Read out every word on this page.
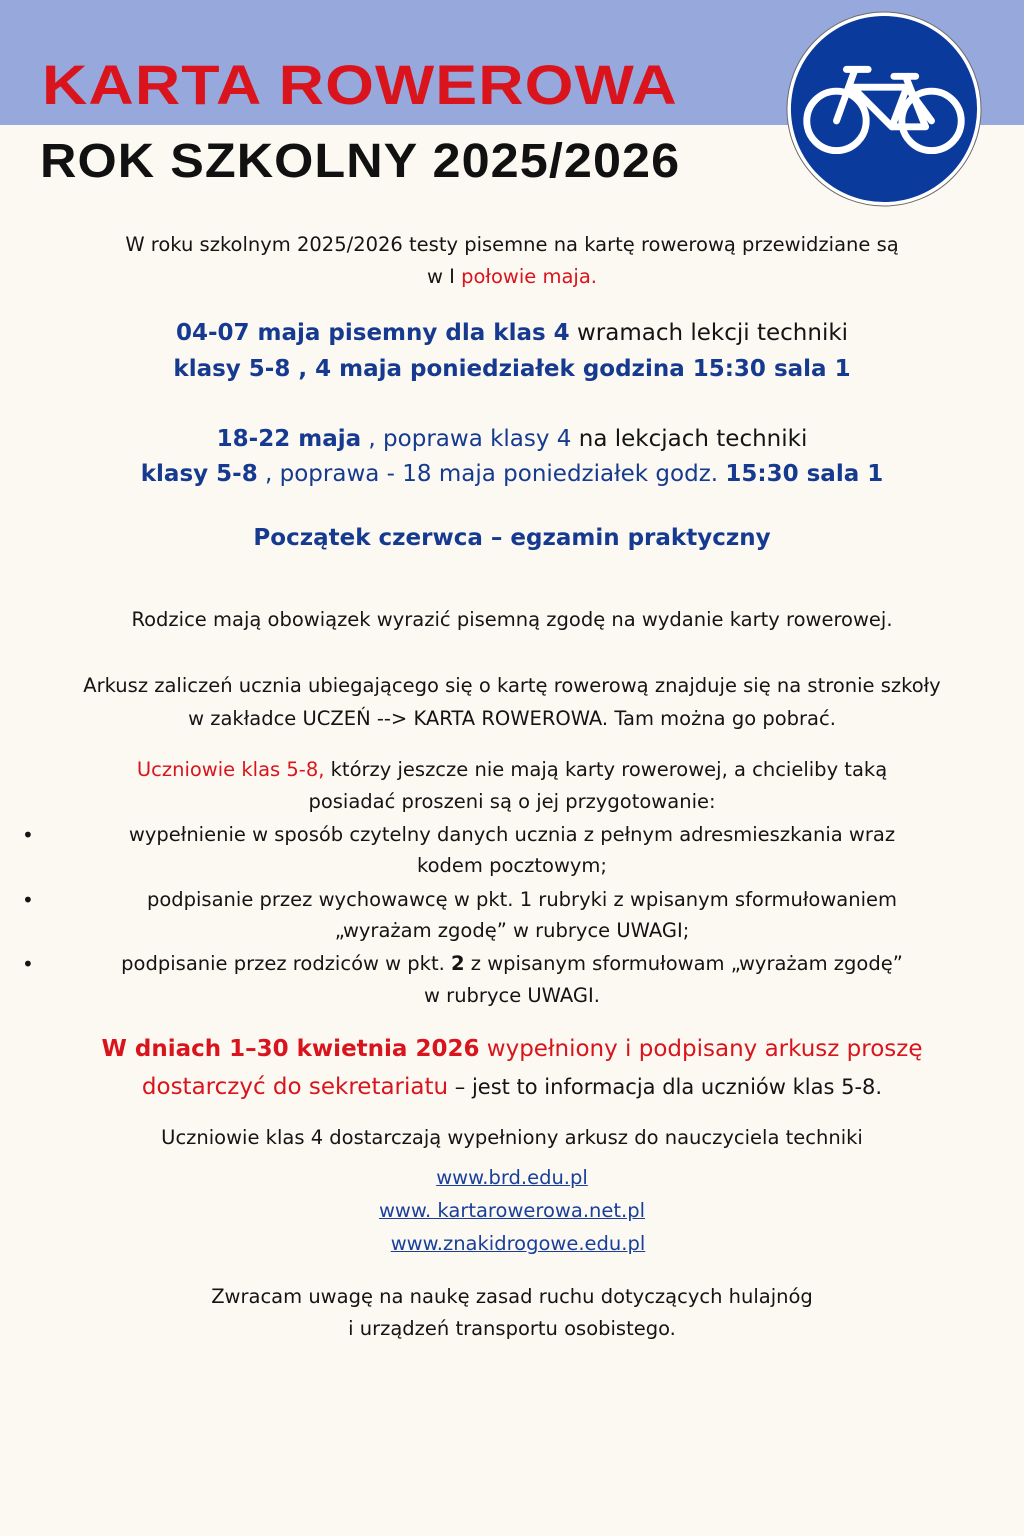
KARTA ROWEROWA
ROK SZKOLNY 2025/2026
W roku szkolnym 2025/2026 testy pisemne na kartę rowerową przewidziane są
w I połowie maja.
04-07 maja pisemny dla klas 4 wramach lekcji techniki
klasy 5-8 , 4 maja poniedziałek godzina 15:30 sala 1
18-22 maja , poprawa klasy 4 na lekcjach techniki
klasy 5-8 , poprawa - 18 maja poniedziałek godz. 15:30 sala 1
Początek czerwca – egzamin praktyczny
Rodzice mają obowiązek wyrazić pisemną zgodę na wydanie karty rowerowej.
Arkusz zaliczeń ucznia ubiegającego się o kartę rowerową znajduje się na stronie szkoły
w zakładce UCZEŃ --> KARTA ROWEROWA. Tam można go pobrać.
Uczniowie klas 5-8, którzy jeszcze nie mają karty rowerowej, a chcieliby taką
posiadać proszeni są o jej przygotowanie:
•	wypełnienie w sposób czytelny danych ucznia z pełnym adresmieszkania wraz
kodem pocztowym;
•	podpisanie przez wychowawcę w pkt. 1 rubryki z wpisanym sformułowaniem
„wyrażam zgodę” w rubryce UWAGI;
•	podpisanie przez rodziców w pkt. 2 z wpisanym sformułowam „wyrażam zgodę”
w rubryce UWAGI.
W dniach 1–30 kwietnia 2026 wypełniony i podpisany arkusz proszę
dostarczyć do sekretariatu – jest to informacja dla uczniów klas 5-8.
Uczniowie klas 4 dostarczają wypełniony arkusz do nauczyciela techniki
www.brd.edu.pl
www. kartarowerowa.net.pl
www.znakidrogowe.edu.pl
Zwracam uwagę na naukę zasad ruchu dotyczących hulajnóg
i urządzeń transportu osobistego.
